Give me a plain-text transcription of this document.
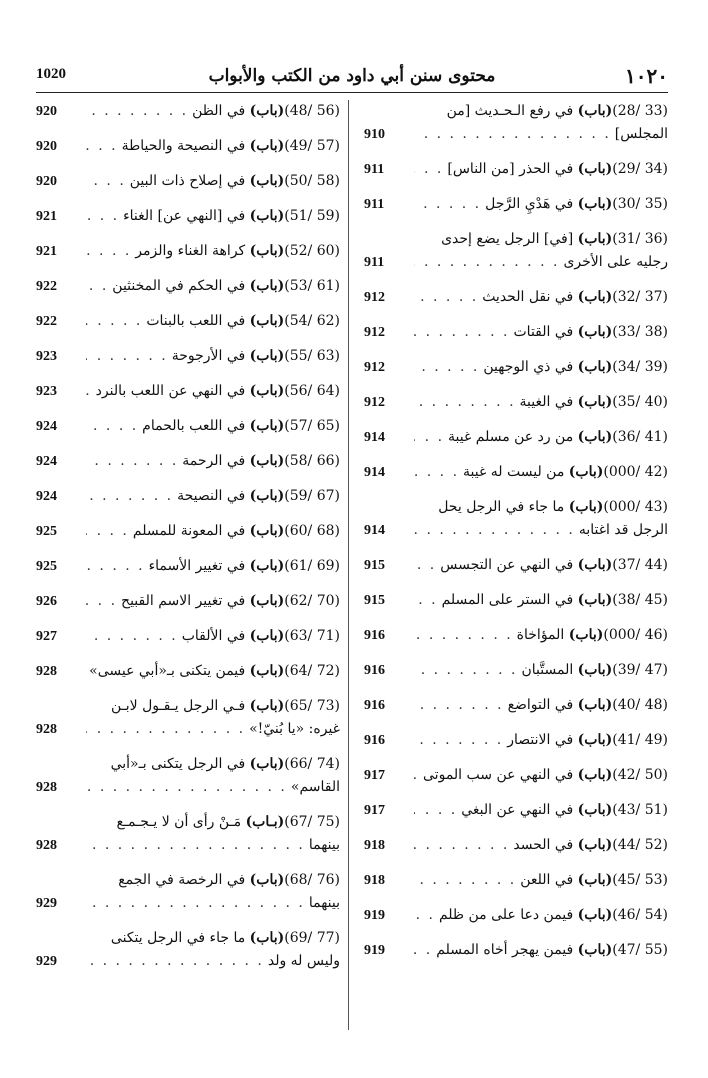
١٠٢٠
محتوى سنن أبي داود من الكتب والأبواب
1020
(28/ 33)(باب) في رفع الـحـديث [من
المجلس]
. . .
910
(29/ 34)(باب) في الحذر [من الناس]
. . .
911
(30/ 35)(باب) في هَدْيِ الرَّجل
. . .
911
(31/ 36)(باب) [في] الرجل يضع إحدى
رجليه على الأخرى
. . .
911
(32/ 37)(باب) في نقل الحديث
. . .
912
(33/ 38)(باب) في القتات
. . .
912
(34/ 39)(باب) في ذي الوجهين
. . .
912
(35/ 40)(باب) في الغيبة
. . .
912
(36/ 41)(باب) من رد عن مسلم غيبة
. . .
914
(000/ 42)(باب) من ليست له غيبة
. . .
914
(000/ 43)(باب) ما جاء في الرجل يحل
الرجل قد اغتابه
. . .
914
(37/ 44)(باب) في النهي عن التجسس
. . .
915
(38/ 45)(باب) في الستر على المسلم
. . .
915
(000/ 46)(باب) المؤاخاة
. . .
916
(39/ 47)(باب) المستَّبان
. . .
916
(40/ 48)(باب) في التواضع
. . .
916
(41/ 49)(باب) في الانتصار
. . .
916
(42/ 50)(باب) في النهي عن سب الموتى
. . .
917
(43/ 51)(باب) في النهي عن البغي
. . .
917
(44/ 52)(باب) في الحسد
. . .
918
(45/ 53)(باب) في اللعن
. . .
918
(46/ 54)(باب) فيمن دعا على من ظلم
. . .
919
(47/ 55)(باب) فيمن يهجر أخاه المسلم
. . .
919
(48/ 56)(باب) في الظن
. . .
920
(49/ 57)(باب) في النصيحة والحياطة
. . .
920
(50/ 58)(باب) في إصلاح ذات البين
. . .
920
(51/ 59)(باب) في [النهي عن] الغناء
. . .
921
(52/ 60)(باب) كراهة الغناء والزمر
. . .
921
(53/ 61)(باب) في الحكم في المخنثين
. . .
922
(54/ 62)(باب) في اللعب بالبنات
. . .
922
(55/ 63)(باب) في الأرجوحة
. . .
923
(56/ 64)(باب) في النهي عن اللعب بالنرد
. . .
923
(57/ 65)(باب) في اللعب بالحمام
. . .
924
(58/ 66)(باب) في الرحمة
. . .
924
(59/ 67)(باب) في النصيحة
. . .
924
(60/ 68)(باب) في المعونة للمسلم
. . .
925
(61/ 69)(باب) في تغيير الأسماء
. . .
925
(62/ 70)(باب) في تغيير الاسم القبيح
. . .
926
(63/ 71)(باب) في الألقاب
. . .
927
(64/ 72)(باب) فيمن يتكنى بـ«أبي عيسى»
. . .
928
(65/ 73)(باب) فـي الرجل يـقـول لابـن
غيره: «يا بُنيّ!»
. . .
928
(66/ 74)(باب) في الرجل يتكنى بـ«أبي
القاسم»
. . .
928
(67/ 75)(بـاب) مَـنْ رأى أن لا يـجـمـع
بينهما
. . .
928
(68/ 76)(باب) في الرخصة في الجمع
بينهما
. . .
929
(69/ 77)(باب) ما جاء في الرجل يتكنى
وليس له ولد
. . .
929
